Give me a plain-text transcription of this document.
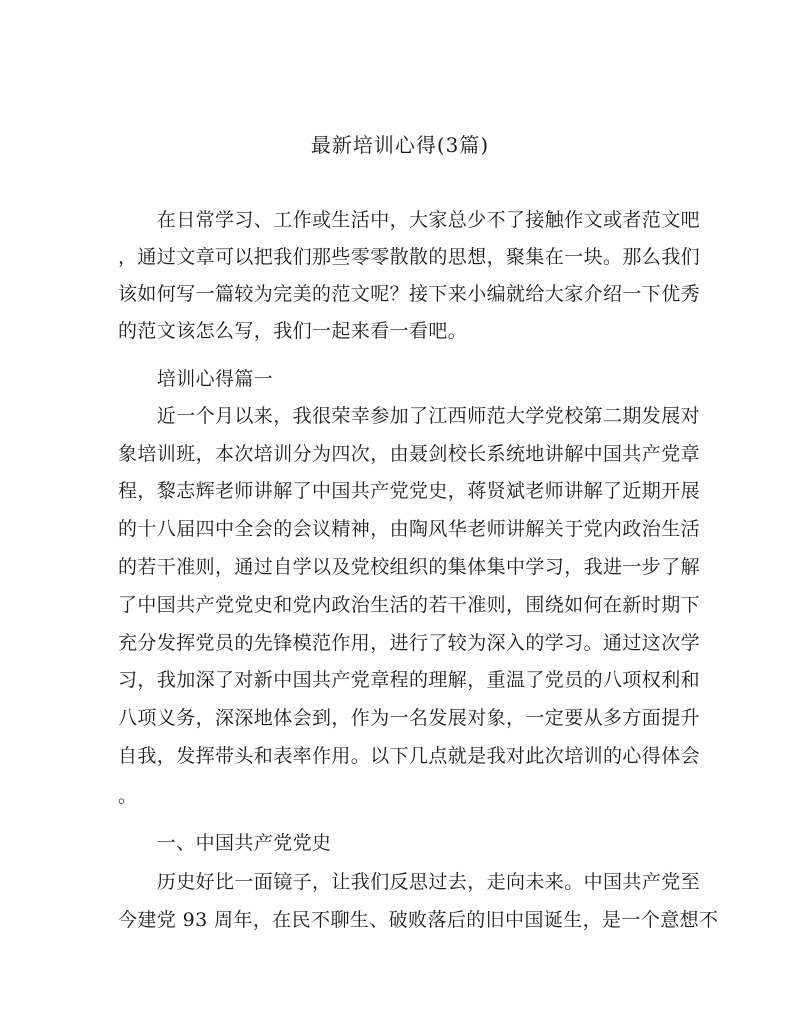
最新培训心得(3篇)
　　在日常学习、工作或生活中，大家总少不了接触作文或者范文吧
，通过文章可以把我们那些零零散散的思想，聚集在一块。那么我们
该如何写一篇较为完美的范文呢？接下来小编就给大家介绍一下优秀
的范文该怎么写，我们一起来看一看吧。
　　培训心得篇一
　　近一个月以来，我很荣幸参加了江西师范大学党校第二期发展对
象培训班，本次培训分为四次，由聂剑校长系统地讲解中国共产党章
程，黎志辉老师讲解了中国共产党党史，蒋贤斌老师讲解了近期开展
的十八届四中全会的会议精神，由陶风华老师讲解关于党内政治生活
的若干准则，通过自学以及党校组织的集体集中学习，我进一步了解
了中国共产党党史和党内政治生活的若干准则，围绕如何在新时期下
充分发挥党员的先锋模范作用，进行了较为深入的学习。通过这次学
习，我加深了对新中国共产党章程的理解，重温了党员的八项权利和
八项义务，深深地体会到，作为一名发展对象，一定要从多方面提升
自我，发挥带头和表率作用。以下几点就是我对此次培训的心得体会
。
　　一、中国共产党党史
　　历史好比一面镜子，让我们反思过去，走向未来。中国共产党至
今建党 93 周年，在民不聊生、破败落后的旧中国诞生，是一个意想不
